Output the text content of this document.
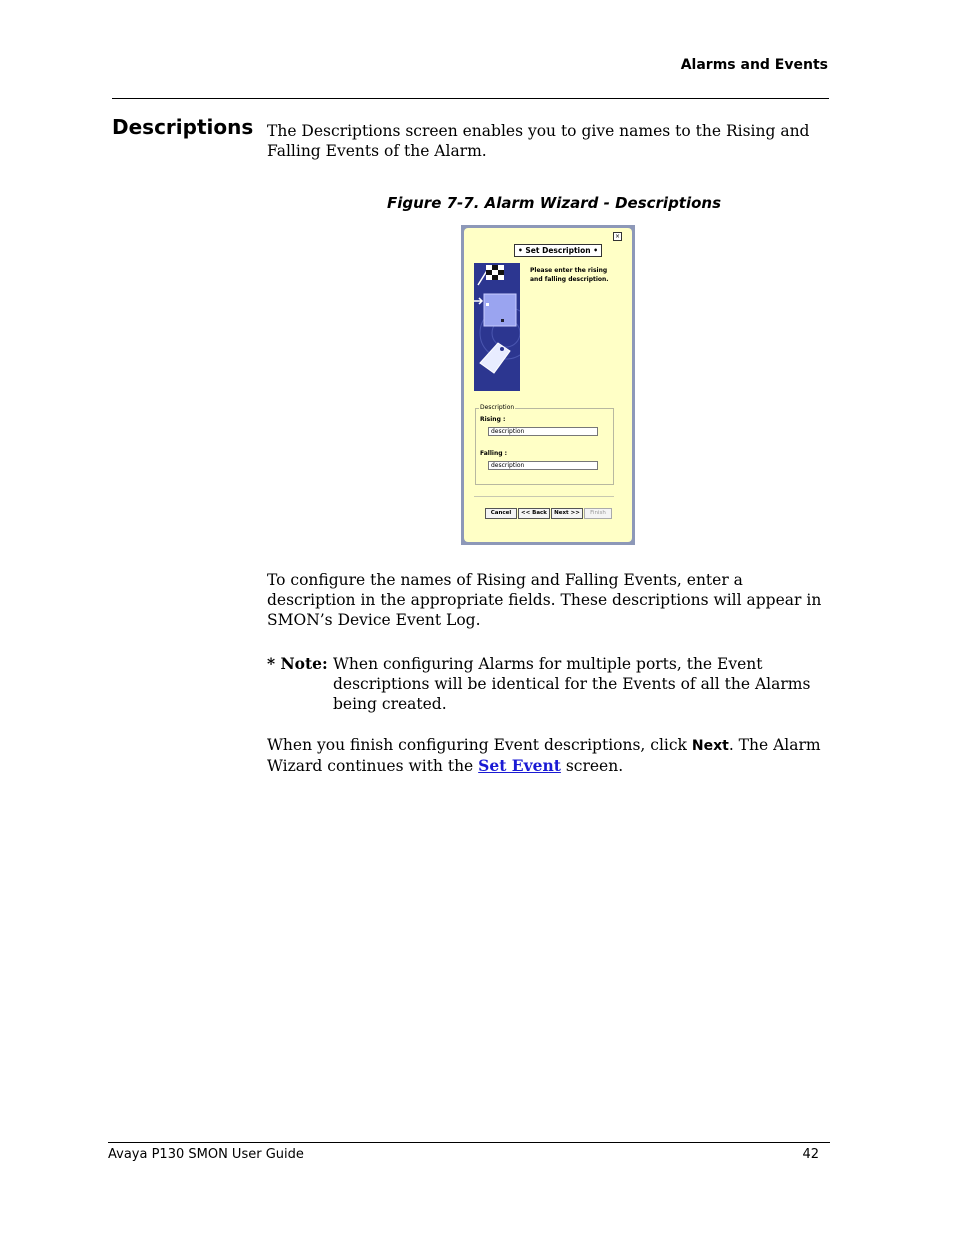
Alarms and Events
Descriptions The Descriptions screen enables you to give names to the Rising and Falling Events of the Alarm.
Figure 7-7. Alarm Wizard - Descriptions
×
• Set Description •
Please enter the rising and falling description.
Description
Rising :
description
Falling :
description
Cancel	<< Back	Next >>	Finish
To configure the names of Rising and Falling Events, enter a description in the appropriate fields. These descriptions will appear in SMON’s Device Event Log.
* Note: When configuring Alarms for multiple ports, the Event descriptions will be identical for the Events of all the Alarms being created.
When you finish configuring Event descriptions, click Next. The Alarm Wizard continues with the Set Event screen.
Avaya P130 SMON User Guide	42
